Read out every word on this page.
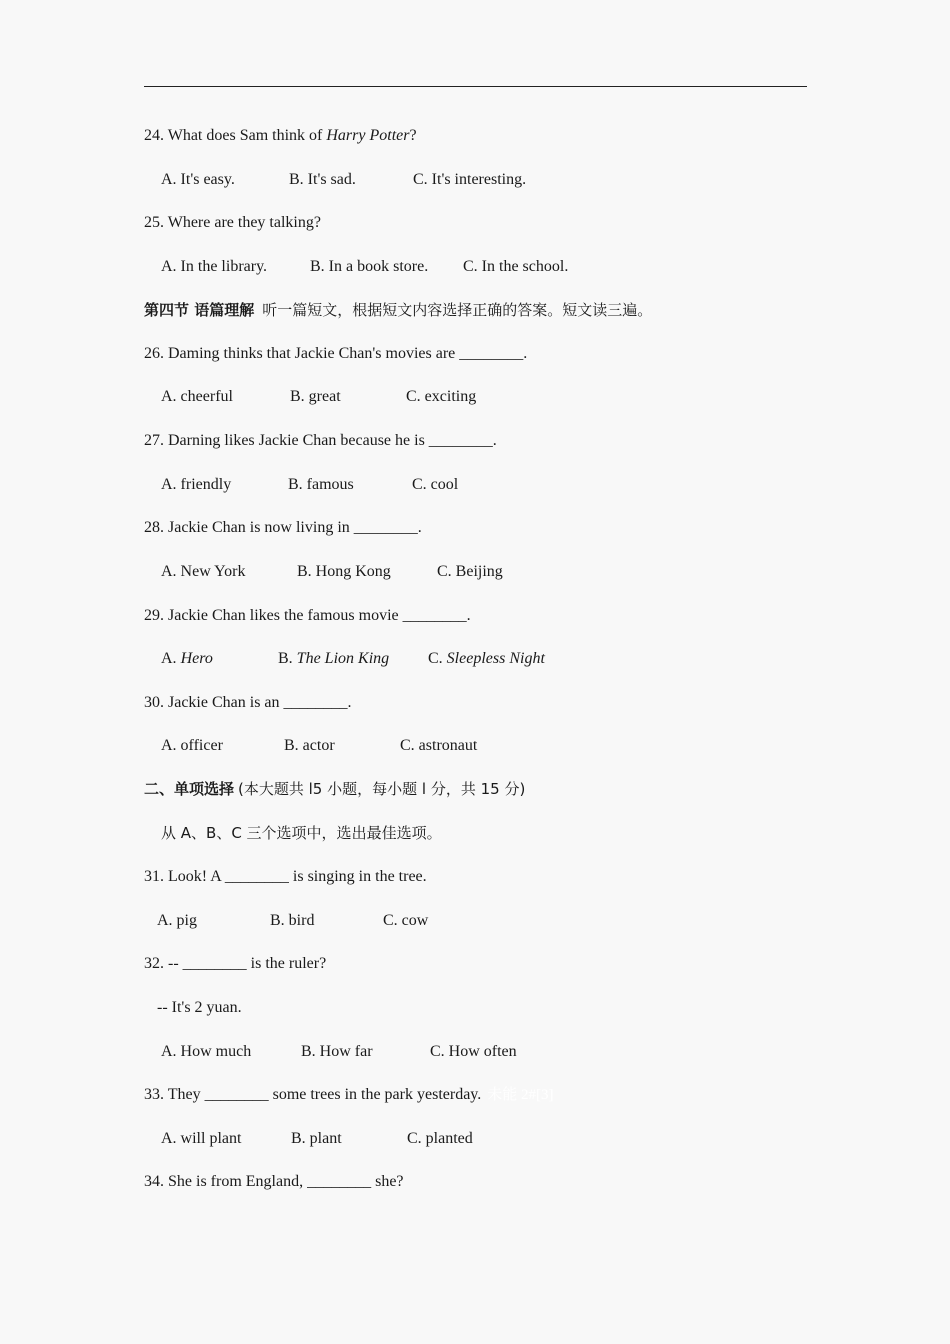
24. What does Sam think of Harry Potter?
A. It's easy.	B. It's sad.	C. It's interesting.
25. Where are they talking?
A. In the library.	B. In a book store. C. In the school.
第四节 语篇理解 听一篇短文，根据短文内容选择正确的答案。短文读三遍。
26. Daming thinks that Jackie Chan's movies are ________.
A. cheerful	B. great	C. exciting
27. Darning likes Jackie Chan because he is ________.
A. friendly	B. famous	C. cool
28. Jackie Chan is now living in ________.
A. New York	B. Hong Kong	C. Beijing
29. Jackie Chan likes the famous movie ________.
A. Hero	B. The Lion King C. Sleepless Night
30. Jackie Chan is an ________.
A. officer	B. actor	C. astronaut
二、单项选择 (本大题共 l5 小题，每小题 l 分，共 15 分)
从 A、B、C 三个选项中，选出最佳选项。
31. Look! A ________ is singing in the tree.
A. pig	B. bird	C. cow
32. -- ________ is the ruler?
-- It's 2 yuan.
A. How much	B. How far	C. How often
33. They ________ some trees in the park yesterday. 未能 2#[3]
A. will plant	B. plant	C. planted
34. She is from England, ________ she?
